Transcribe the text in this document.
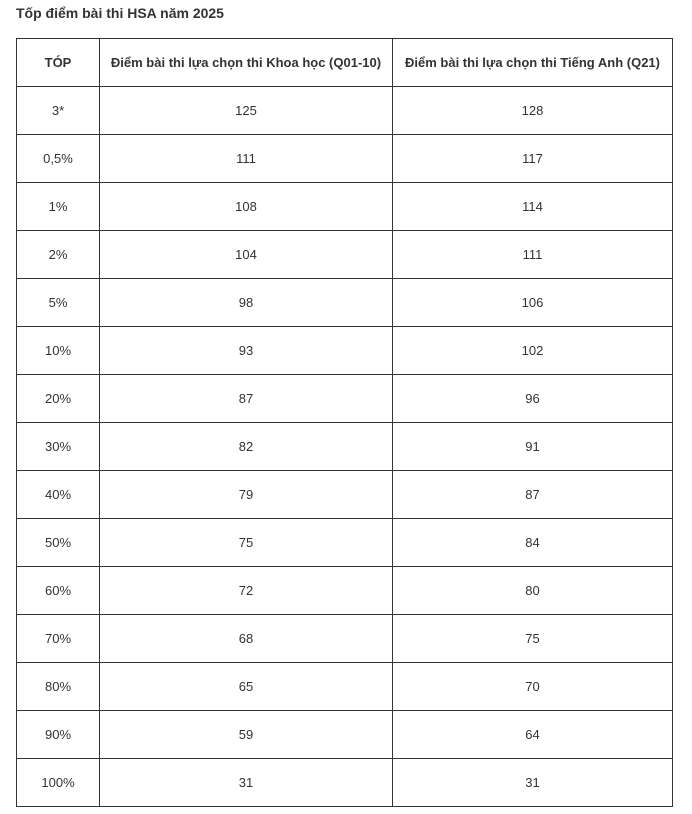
Tốp điểm bài thi HSA năm 2025
TÓP	Điểm bài thi lựa chọn thi Khoa học (Q01-10)	Điểm bài thi lựa chọn thi Tiếng Anh (Q21)
3*	125	128
0,5%	111	117
1%	108	114
2%	104	111
5%	98	106
10%	93	102
20%	87	96
30%	82	91
40%	79	87
50%	75	84
60%	72	80
70%	68	75
80%	65	70
90%	59	64
100%	31	31
